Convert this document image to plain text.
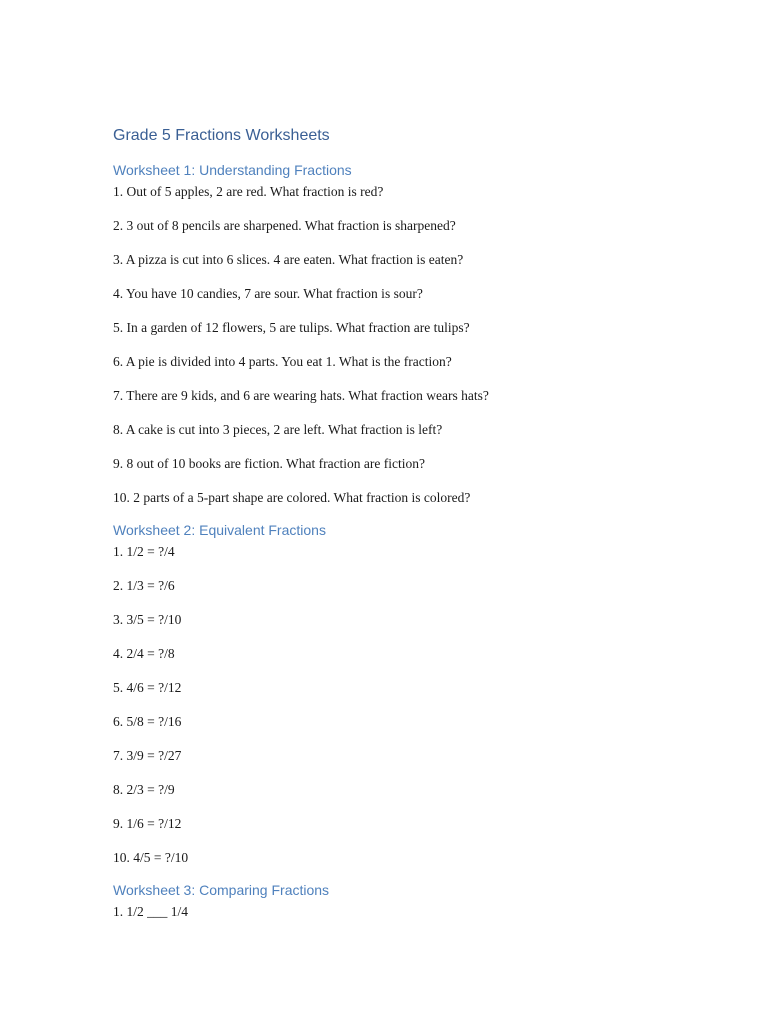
Grade 5 Fractions Worksheets
Worksheet 1: Understanding Fractions
1. Out of 5 apples, 2 are red. What fraction is red?
2. 3 out of 8 pencils are sharpened. What fraction is sharpened?
3. A pizza is cut into 6 slices. 4 are eaten. What fraction is eaten?
4. You have 10 candies, 7 are sour. What fraction is sour?
5. In a garden of 12 flowers, 5 are tulips. What fraction are tulips?
6. A pie is divided into 4 parts. You eat 1. What is the fraction?
7. There are 9 kids, and 6 are wearing hats. What fraction wears hats?
8. A cake is cut into 3 pieces, 2 are left. What fraction is left?
9. 8 out of 10 books are fiction. What fraction are fiction?
10. 2 parts of a 5-part shape are colored. What fraction is colored?
Worksheet 2: Equivalent Fractions
1. 1/2 = ?/4
2. 1/3 = ?/6
3. 3/5 = ?/10
4. 2/4 = ?/8
5. 4/6 = ?/12
6. 5/8 = ?/16
7. 3/9 = ?/27
8. 2/3 = ?/9
9. 1/6 = ?/12
10. 4/5 = ?/10
Worksheet 3: Comparing Fractions
1. 1/2 ___ 1/4
